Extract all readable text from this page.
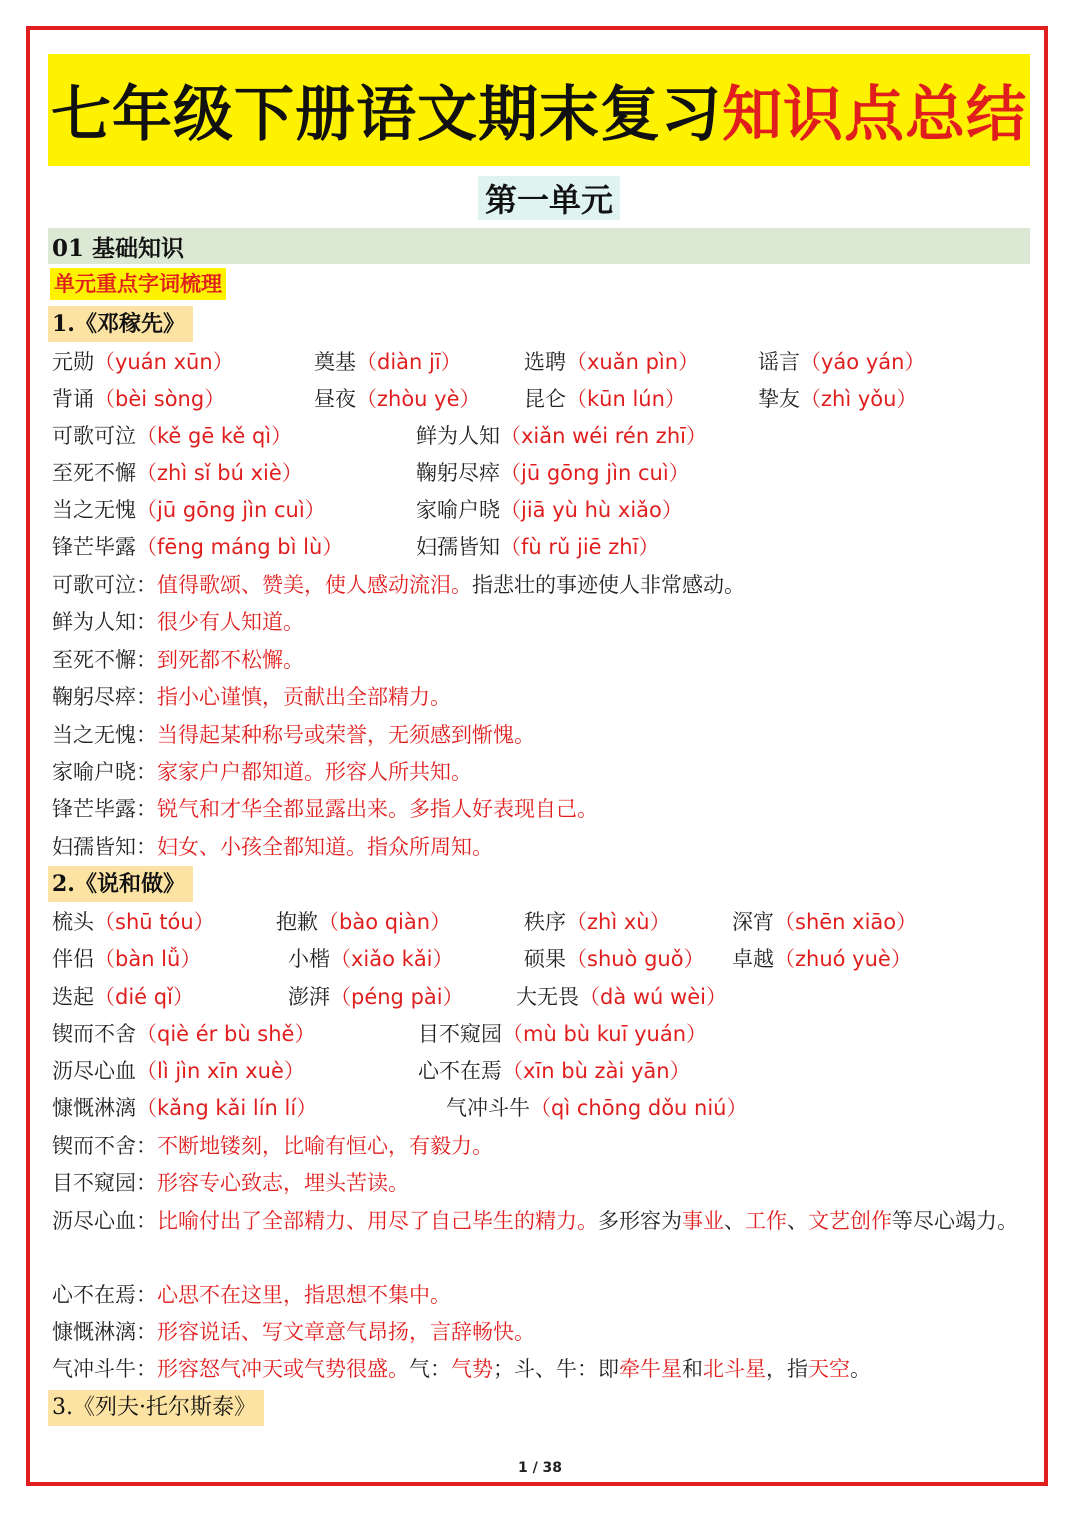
七年级下册语文期末复习 知识点总结
第一单元
01 基础知识
单元重点字词梳理
1.《邓稼先》
元勋（yuán xūn）	奠基（diàn jī）	选聘（xuǎn pìn）	谣言（yáo yán）
背诵（bèi sòng）	昼夜（zhòu yè） 昆仑（kūn lún）	挚友（zhì yǒu）
可歌可泣（kě gē kě qì）	鲜为人知（xiǎn wéi rén zhī）
至死不懈（zhì sǐ bú xiè）	鞠躬尽瘁（jū gōng jìn cuì）
当之无愧（jū gōng jìn cuì）	家喻户晓（jiā yù hù xiǎo）
锋芒毕露（fēng máng bì lù）	妇孺皆知（fù rǔ jiē zhī）
可歌可泣：值得歌颂、赞美，使人感动流泪。指悲壮的事迹使人非常感动。
鲜为人知：很少有人知道。
至死不懈：到死都不松懈。
鞠躬尽瘁：指小心谨慎，贡献出全部精力。
当之无愧：当得起某种称号或荣誉，无须感到惭愧。
家喻户晓：家家户户都知道。形容人所共知。
锋芒毕露：锐气和才华全都显露出来。多指人好表现自己。
妇孺皆知：妇女、小孩全都知道。指众所周知。
2.《说和做》
梳头（shū tóu）	抱歉（bào qiàn）	秩序（zhì xù）	深宵（shēn xiāo）
伴侣（bàn lǚ）	小楷（xiǎo kǎi）	硕果（shuò guǒ） 卓越（zhuó yuè）
迭起（dié qǐ）	澎湃（péng pài） 大无畏（dà wú wèi）
锲而不舍（qiè ér bù shě）	目不窥园（mù bù kuī yuán）
沥尽心血（lì jìn xīn xuè）	心不在焉（xīn bù zài yān）
慷慨淋漓（kǎng kǎi lín lí）	气冲斗牛（qì chōng dǒu niú）
锲而不舍：不断地镂刻，比喻有恒心，有毅力。
目不窥园：形容专心致志，埋头苦读。
沥尽心血：比喻付出了全部精力、用尽了自己毕生的精力。多形容为事业、工作、文艺创作等尽心竭力。
心不在焉：心思不在这里，指思想不集中。
慷慨淋漓：形容说话、写文章意气昂扬，言辞畅快。
气冲斗牛：形容怒气冲天或气势很盛。气：气势；斗、牛：即牵牛星和北斗星，指天空。
3.《列夫·托尔斯泰》
1 / 38
